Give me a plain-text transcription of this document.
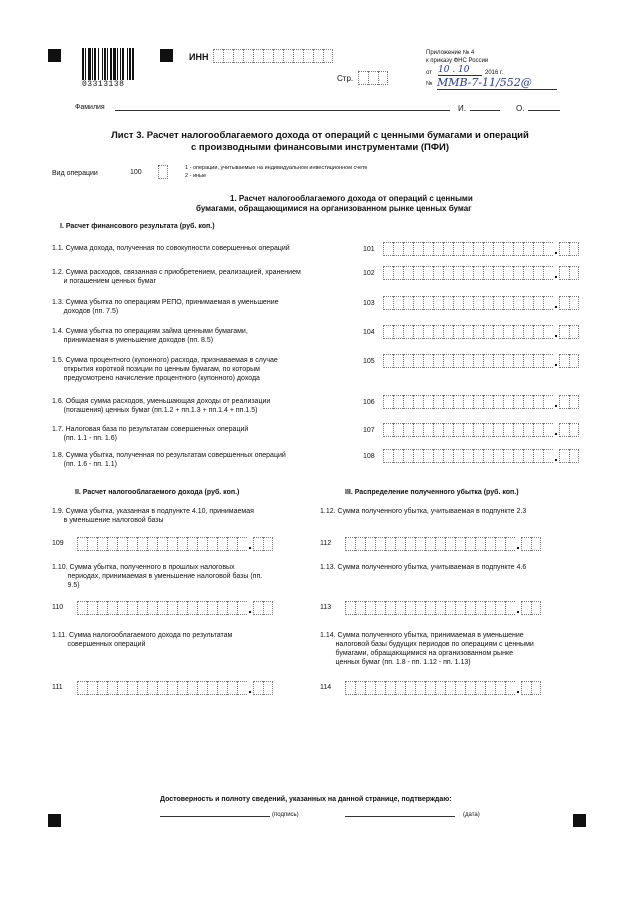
03313138
ИНН
Стр.
Приложение № 4
к приказу ФНС России
от 10 . 10	2016 г.
№ ММВ-7-11/552@
Фамилия	И.	О.
Лист 3. Расчет налогооблагаемого дохода от операций с ценными бумагами и операций
с производными финансовыми инструментами (ПФИ)
Вид операции	100
1 - операции, учитываемые на индивидуальном инвестиционном счете
2 - иные
1. Расчет налогооблагаемого дохода от операций с ценными
бумагами, обращающимися на организованном рынке ценных бумаг
I. Расчет финансового результата (руб. коп.)
1.1. Сумма дохода, полученная по совокупности совершенных операций	101
1.2. Сумма расходов, связанная с приобретением, реализацией, хранением
и погашением ценных бумаг
102
1.3. Сумма убытка по операциям РЕПО, принимаемая в уменьшение
доходов (пп. 7.5)
103
1.4. Сумма убытка по операциям займа ценными бумагами,
принимаемая в уменьшение доходов (пп. 8.5)
104
1.5. Сумма процентного (купонного) расхода, признаваемая в случае
открытия короткой позиции по ценным бумагам, по которым
предусмотрено начисление процентного (купонного) дохода
105
1.6. Общая сумма расходов, уменьшающая доходы от реализации
(погашения) ценных бумаг (пп.1.2 + пп.1.3 + пп.1.4 + пп.1.5)
106
1.7. Налоговая база по результатам совершенных операций
(пп. 1.1 - пп. 1.6)
107
1.8. Сумма убытка, полученная по результатам совершенных операций
(пп. 1.6 - пп. 1.1)
108
II. Расчет налогооблагаемого дохода (руб. коп.)	III. Распределение полученного убытка (руб. коп.)
1.9. Сумма убытка, указанная в подпункте 4.10, принимаемая
в уменьшение налоговой базы
109
1.10. Сумма убытка, полученного в прошлых налоговых
периодах, принимаемая в уменьшение налоговой базы (пп.
9.5)
110
1.11. Сумма налогооблагаемого дохода по результатам
совершенных операций
111
1.12. Сумма полученного убытка, учитываемая в подпункте 2.3
112
1.13. Сумма полученного убытка, учитываемая в подпункте 4.6
113
1.14. Сумма полученного убытка, принимаемая в уменьшение
налоговой базы будущих периодов по операциям с ценными
бумагами, обращающимися на организованном рынке
ценных бумаг (пп. 1.8 - пп. 1.12 - пп. 1.13)
114
Достоверность и полноту сведений, указанных на данной странице, подтверждаю:
(подпись)	(дата)
